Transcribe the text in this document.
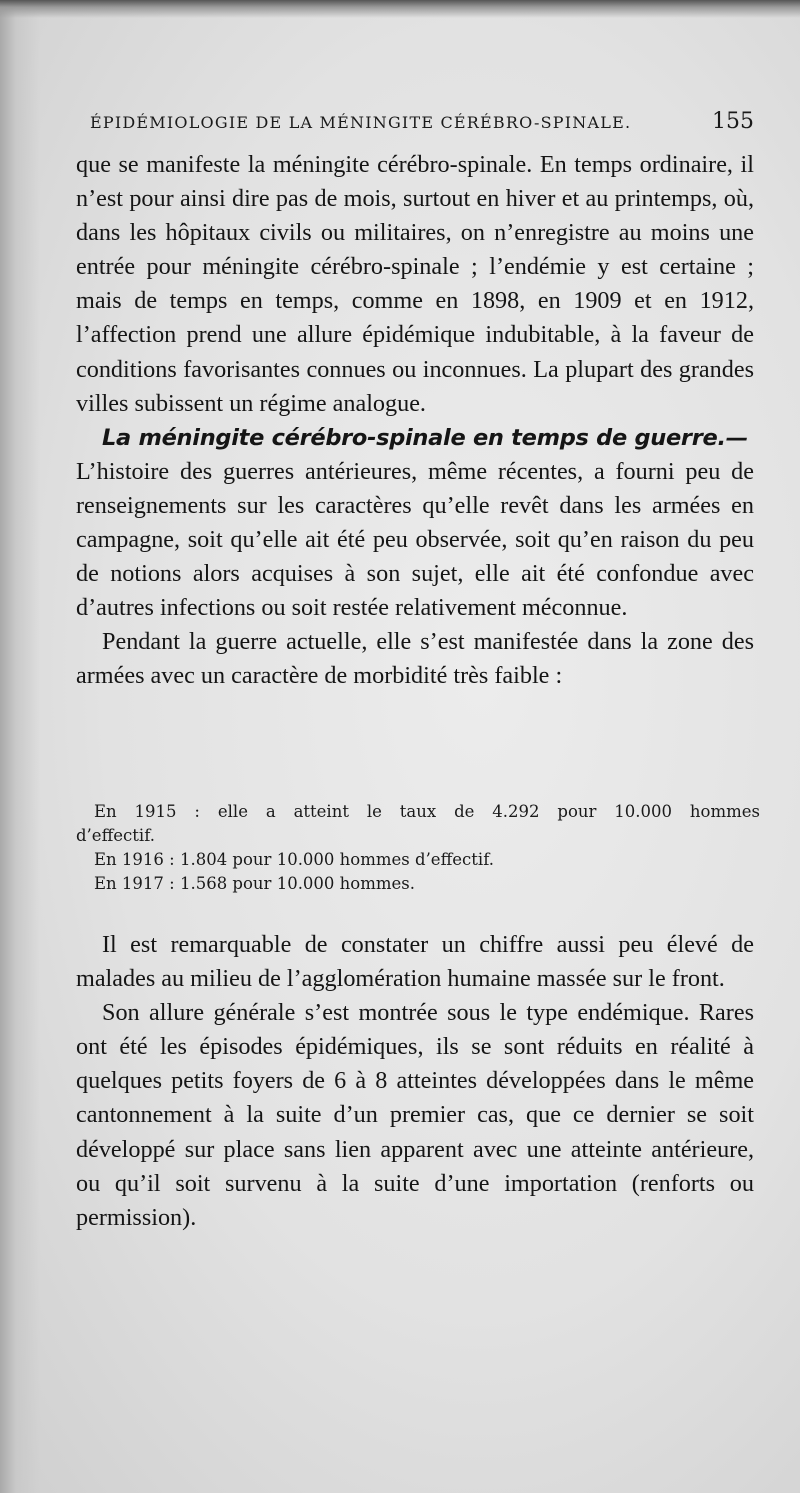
ÉPIDÉMIOLOGIE DE LA MÉNINGITE CÉRÉBRO-SPINALE.	155

que se manifeste la méningite cérébro-spinale. En temps ordinaire, il n’est pour ainsi dire pas de mois, surtout en hiver et au printemps, où, dans les hôpitaux civils ou militaires, on n’enregistre au moins une entrée pour méningite cérébro-spinale ; l’endémie y est certaine ; mais de temps en temps, comme en 1898, en 1909 et en 1912, l’affection prend une allure épidémique indubitable, à la faveur de conditions favorisantes connues ou inconnues. La plupart des grandes villes subissent un régime analogue.

La méningite cérébro-spinale en temps de guerre.—

L’histoire des guerres antérieures, même récentes, a fourni peu de renseignements sur les caractères qu’elle revêt dans les armées en campagne, soit qu’elle ait été peu observée, soit qu’en raison du peu de notions alors acquises à son sujet, elle ait été confondue avec d’autres infections ou soit restée relativement méconnue.

Pendant la guerre actuelle, elle s’est manifestée dans la zone des armées avec un caractère de morbidité très faible :

En 1915 : elle a atteint le taux de 4.292 pour 10.000 hommes
d’effectif.
En 1916 : 1.804 pour 10.000 hommes d’effectif.
En 1917 : 1.568 pour 10.000 hommes.

Il est remarquable de constater un chiffre aussi peu élevé de malades au milieu de l’agglomération humaine massée sur le front.

Son allure générale s’est montrée sous le type endémique. Rares ont été les épisodes épidémiques, ils se sont réduits en réalité à quelques petits foyers de 6 à 8 atteintes développées dans le même cantonnement à la suite d’un premier cas, que ce dernier se soit développé sur place sans lien apparent avec une atteinte antérieure, ou qu’il soit survenu à la suite d’une importation (renforts ou permission).
